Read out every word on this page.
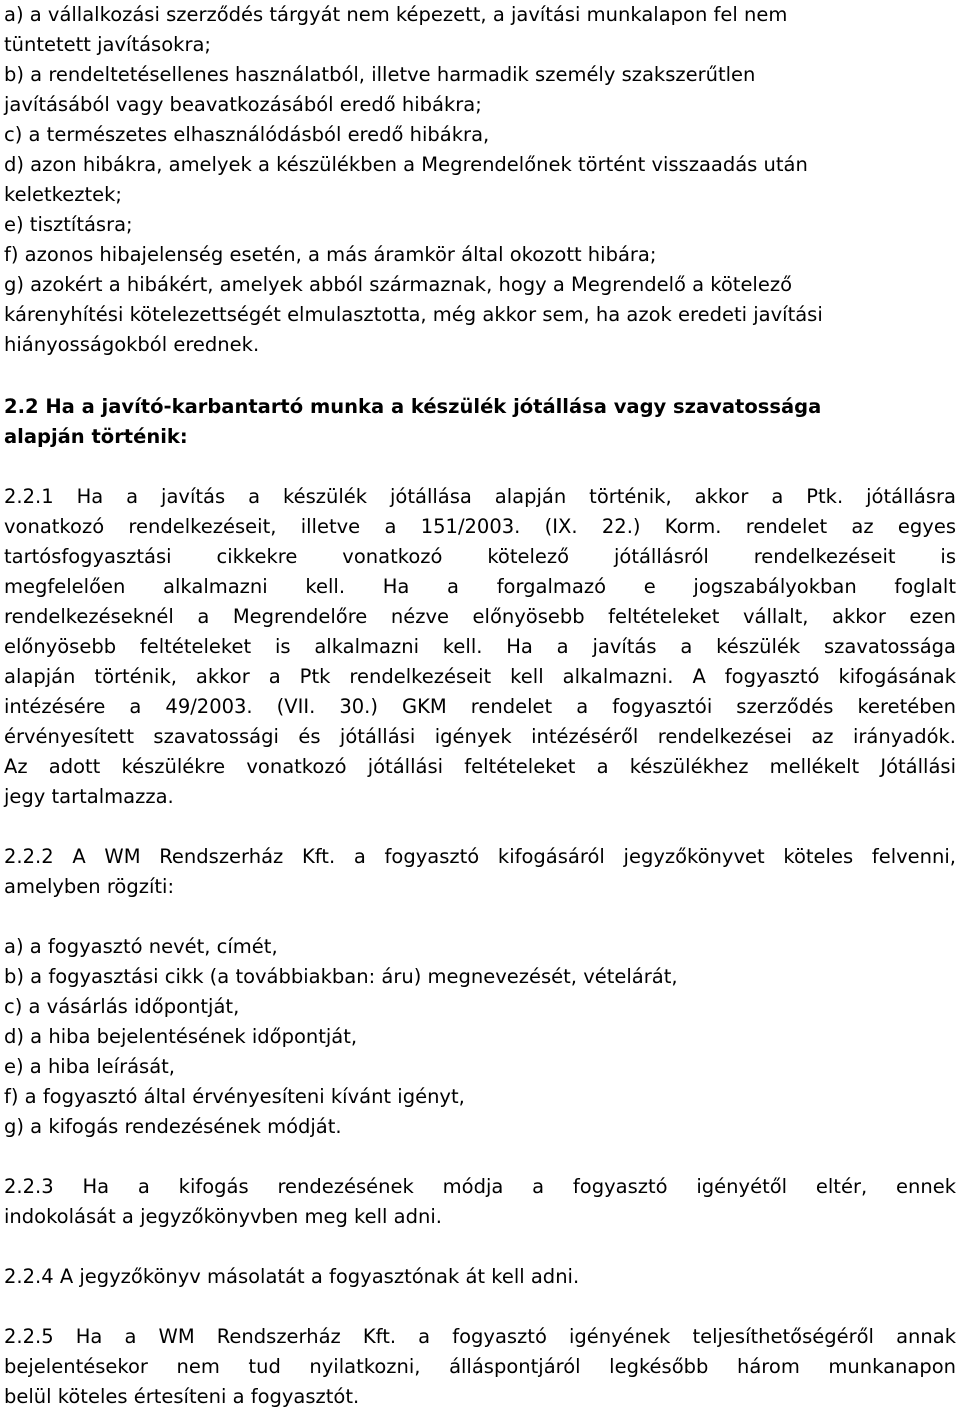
a) a vállalkozási szerződés tárgyát nem képezett, a javítási munkalapon fel nem
tüntetett javításokra;
b) a rendeltetésellenes használatból, illetve harmadik személy szakszerűtlen
javításából vagy beavatkozásából eredő hibákra;
c) a természetes elhasználódásból eredő hibákra,
d) azon hibákra, amelyek a készülékben a Megrendelőnek történt visszaadás után
keletkeztek;
e) tisztításra;
f) azonos hibajelenség esetén, a más áramkör által okozott hibára;
g) azokért a hibákért, amelyek abból származnak, hogy a Megrendelő a kötelező
kárenyhítési kötelezettségét elmulasztotta, még akkor sem, ha azok eredeti javítási
hiányosságokból erednek.
2.2 Ha a javító-karbantartó munka a készülék jótállása vagy szavatossága
alapján történik:
2.2.1 Ha a javítás a készülék jótállása alapján történik, akkor a Ptk. jótállásra
vonatkozó rendelkezéseit, illetve a 151/2003. (IX. 22.) Korm. rendelet az egyes
tartósfogyasztási cikkekre vonatkozó kötelező jótállásról rendelkezéseit is
megfelelően alkalmazni kell. Ha a forgalmazó e jogszabályokban foglalt
rendelkezéseknél a Megrendelőre nézve előnyösebb feltételeket vállalt, akkor ezen
előnyösebb feltételeket is alkalmazni kell. Ha a javítás a készülék szavatossága
alapján történik, akkor a Ptk rendelkezéseit kell alkalmazni. A fogyasztó kifogásának
intézésére a 49/2003. (VII. 30.) GKM rendelet a fogyasztói szerződés keretében
érvényesített szavatossági és jótállási igények intézéséről rendelkezései az irányadók.
Az adott készülékre vonatkozó jótállási feltételeket a készülékhez mellékelt Jótállási
jegy tartalmazza.
2.2.2 A WM Rendszerház Kft. a fogyasztó kifogásáról jegyzőkönyvet köteles felvenni,
amelyben rögzíti:
a) a fogyasztó nevét, címét,
b) a fogyasztási cikk (a továbbiakban: áru) megnevezését, vételárát,
c) a vásárlás időpontját,
d) a hiba bejelentésének időpontját,
e) a hiba leírását,
f) a fogyasztó által érvényesíteni kívánt igényt,
g) a kifogás rendezésének módját.
2.2.3 Ha a kifogás rendezésének módja a fogyasztó igényétől eltér, ennek
indokolását a jegyzőkönyvben meg kell adni.
2.2.4 A jegyzőkönyv másolatát a fogyasztónak át kell adni.
2.2.5 Ha a WM Rendszerház Kft. a fogyasztó igényének teljesíthetőségéről annak
bejelentésekor nem tud nyilatkozni, álláspontjáról legkésőbb három munkanapon
belül köteles értesíteni a fogyasztót.
